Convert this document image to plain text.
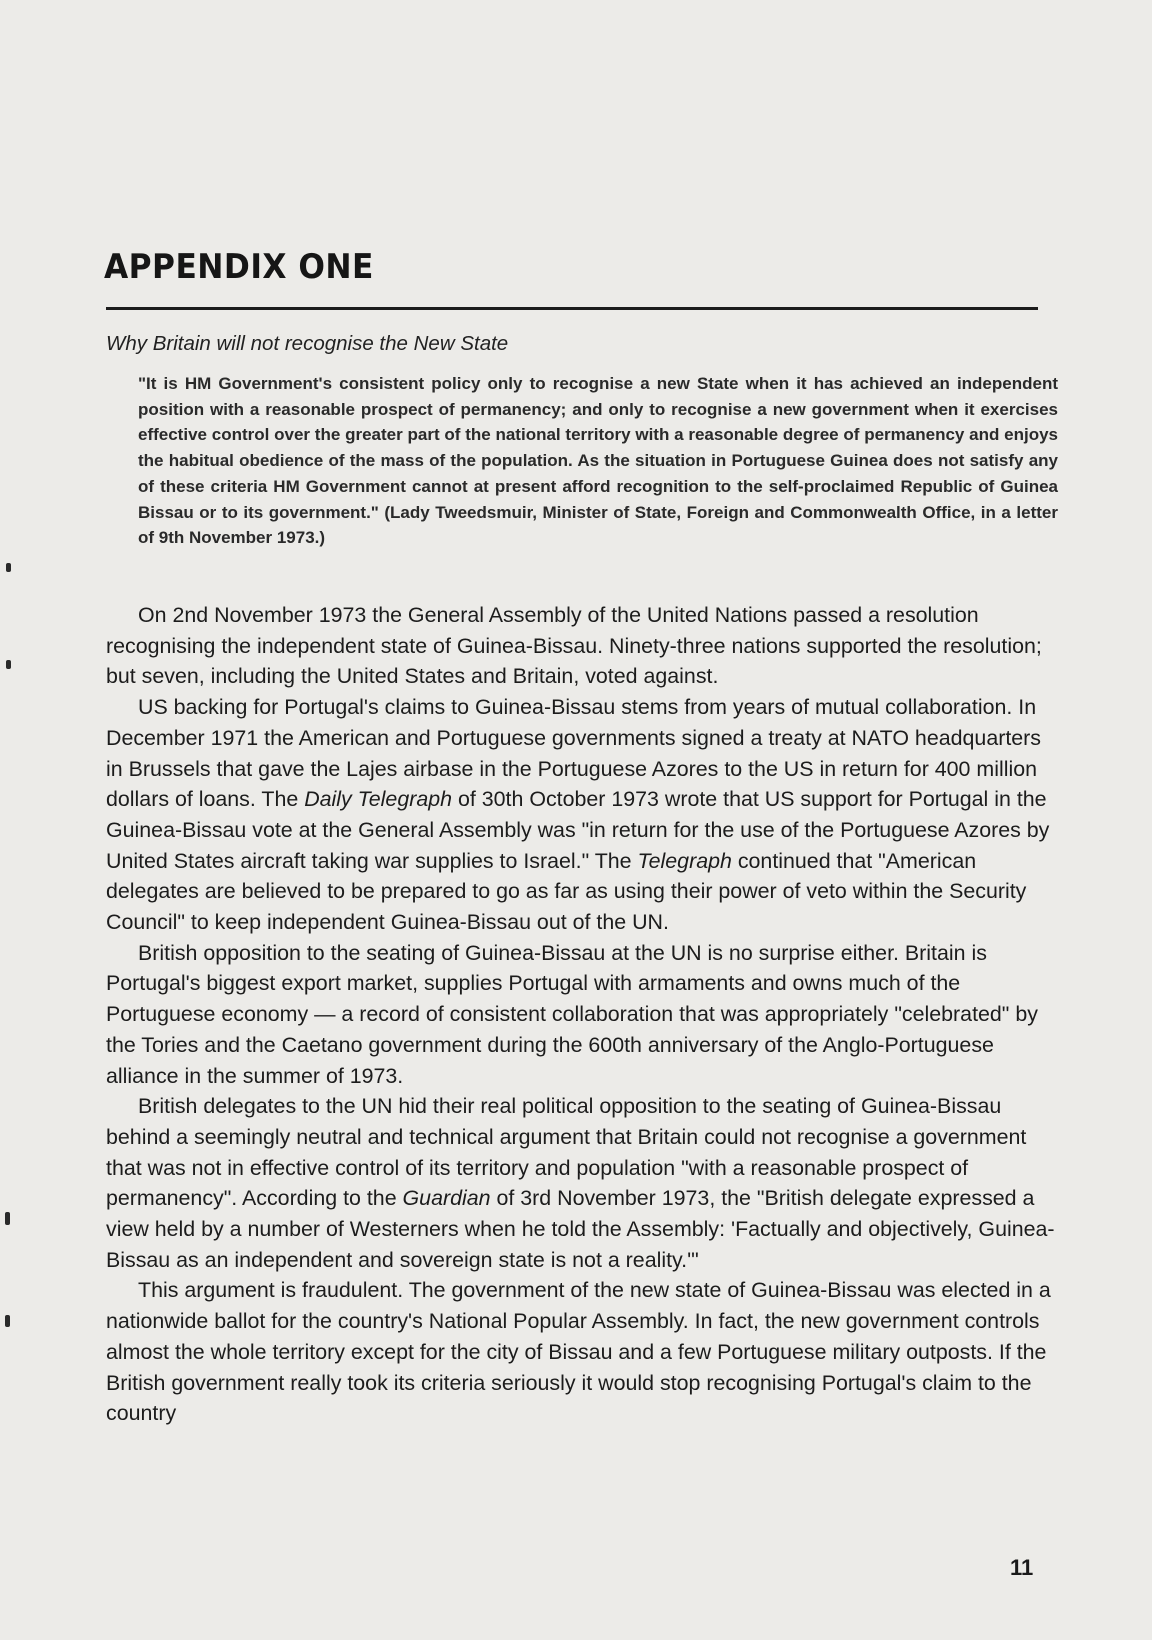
APPENDIX ONE
Why Britain will not recognise the New State
"It is HM Government's consistent policy only to recognise a new State when it has achieved an independent position with a reasonable prospect of permanency; and only to recognise a new government when it exercises effective control over the greater part of the national territory with a reasonable degree of permanency and enjoys the habitual obedience of the mass of the population. As the situation in Portuguese Guinea does not satisfy any of these criteria HM Government cannot at present afford recognition to the self-proclaimed Republic of Guinea Bissau or to its government." (Lady Tweedsmuir, Minister of State, Foreign and Commonwealth Office, in a letter of 9th November 1973.)

On 2nd November 1973 the General Assembly of the United Nations passed a resolution recognising the independent state of Guinea-Bissau. Ninety-three nations supported the resolution; but seven, including the United States and Britain, voted against.

US backing for Portugal's claims to Guinea-Bissau stems from years of mutual collaboration. In December 1971 the American and Portuguese governments signed a treaty at NATO headquarters in Brussels that gave the Lajes airbase in the Portuguese Azores to the US in return for 400 million dollars of loans. The Daily Telegraph of 30th October 1973 wrote that US support for Portugal in the Guinea-Bissau vote at the General Assembly was "in return for the use of the Portuguese Azores by United States aircraft taking war supplies to Israel." The Telegraph continued that "American delegates are believed to be prepared to go as far as using their power of veto within the Security Council" to keep independent Guinea-Bissau out of the UN.

British opposition to the seating of Guinea-Bissau at the UN is no surprise either. Britain is Portugal's biggest export market, supplies Portugal with armaments and owns much of the Portuguese economy — a record of consistent collaboration that was appropriately "celebrated" by the Tories and the Caetano government during the 600th anniversary of the Anglo-Portuguese alliance in the summer of 1973.

British delegates to the UN hid their real political opposition to the seating of Guinea-Bissau behind a seemingly neutral and technical argument that Britain could not recognise a government that was not in effective control of its territory and population "with a reasonable prospect of permanency". According to the Guardian of 3rd November 1973, the "British delegate expressed a view held by a number of Westerners when he told the Assembly: 'Factually and objectively, Guinea-Bissau as an independent and sovereign state is not a reality.'"

This argument is fraudulent. The government of the new state of Guinea-Bissau was elected in a nationwide ballot for the country's National Popular Assembly. In fact, the new government controls almost the whole territory except for the city of Bissau and a few Portuguese military outposts. If the British government really took its criteria seriously it would stop recognising Portugal's claim to the country

11
